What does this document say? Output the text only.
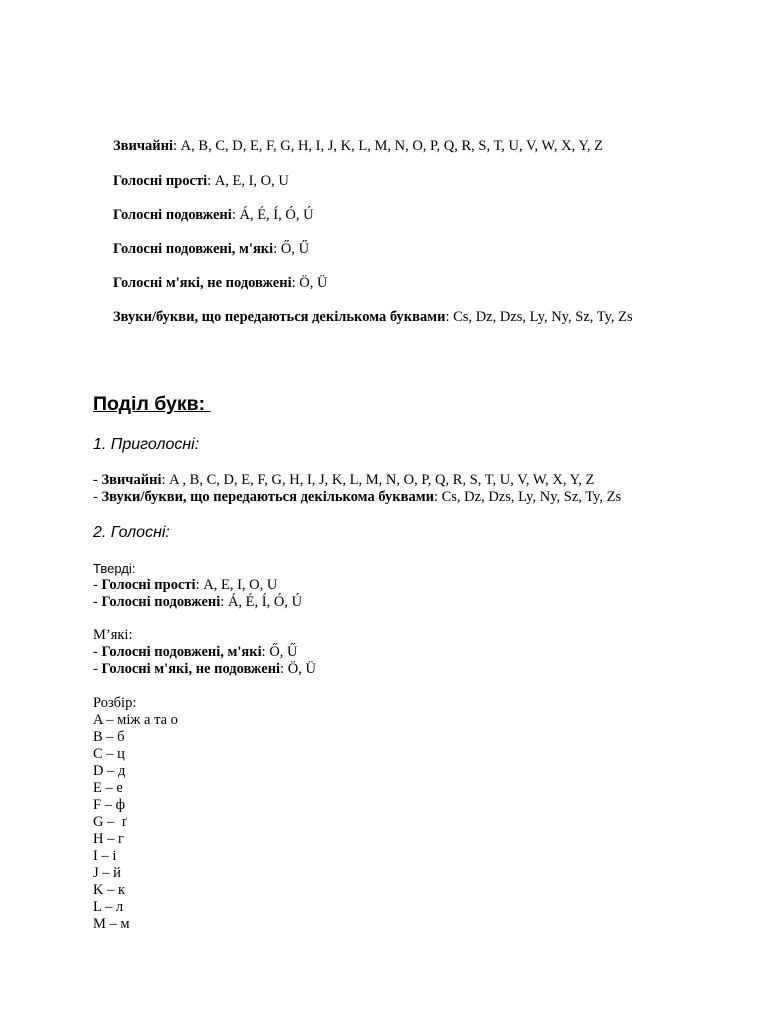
Звичайні: A, B, C, D, E, F, G, H, I, J, K, L, M, N, O, P, Q, R, S, T, U, V, W, X, Y, Z

Голосні прості: A, E, I, O, U

Голосні подовжені: Á, É, Í, Ó, Ú

Голосні подовжені, м'які: Ő, Ű

Голосні м'які, не подовжені: Ö, Ü

Звуки/букви, що передаються декількома буквами: Cs, Dz, Dzs, Ly, Ny, Sz, Ty, Zs

Поділ букв:
1. Приголосні:

- Звичайні: A , B, C, D, E, F, G, H, I, J, K, L, M, N, O, P, Q, R, S, T, U, V, W, X, Y, Z

- Звуки/букви, що передаються декількома буквами: Cs, Dz, Dzs, Ly, Ny, Sz, Ty, Zs

2. Голосні:

Тверді:

- Голосні прості: A, E, I, O, U

- Голосні подовжені: Á, É, Í, Ó, Ú

М’які:

- Голосні подовжені, м'які: Ő, Ű

- Голосні м'які, не подовжені: Ö, Ü

Розбір:

A – між а та о

B – б

C – ц

D – д

E – е

F – ф

G –  ґ

H – г

I – і

J – й

K – к

L – л

M – м
